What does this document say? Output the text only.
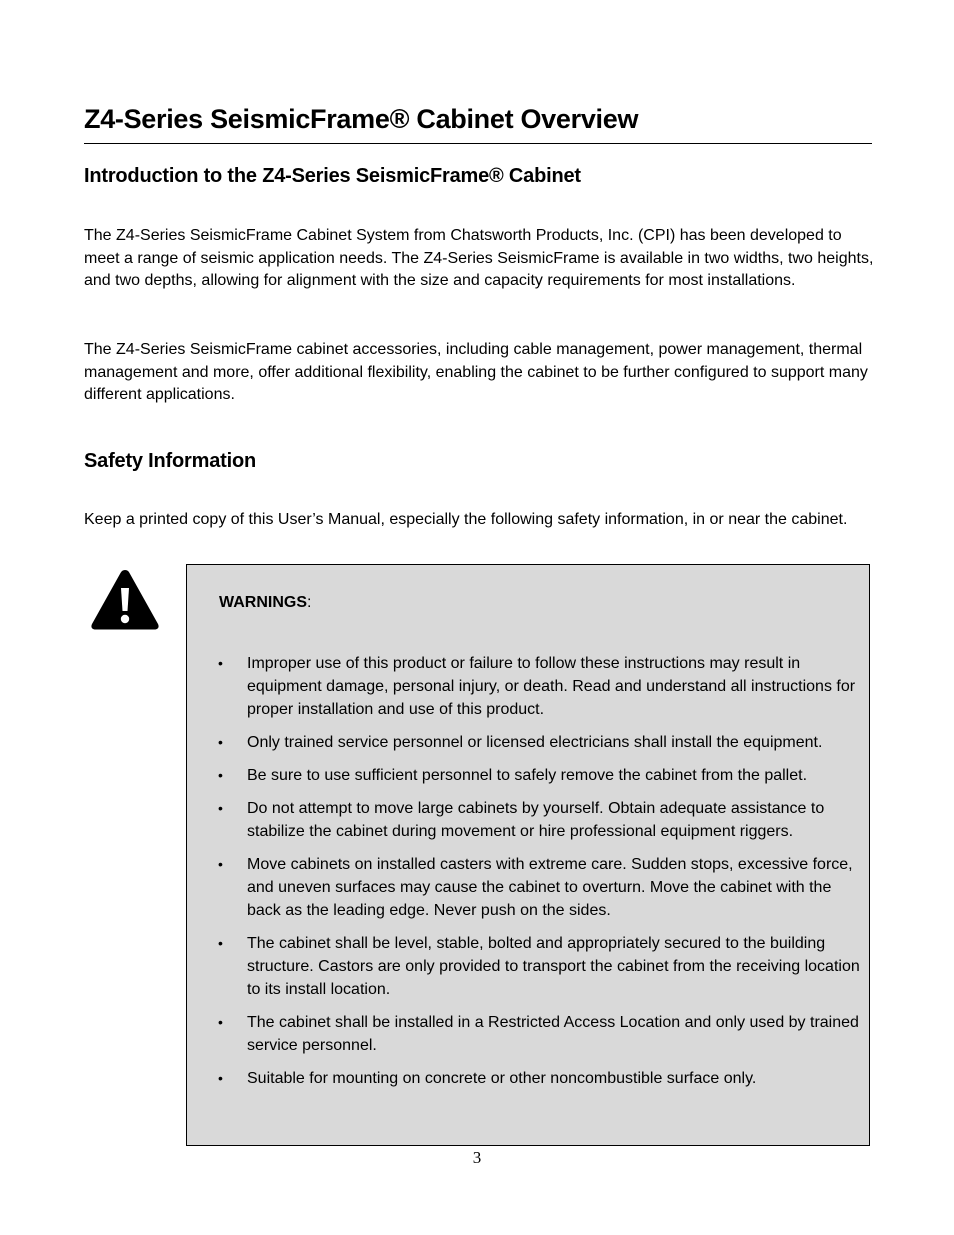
Z4-Series SeismicFrame® Cabinet Overview
Introduction to the Z4-Series SeismicFrame® Cabinet

The Z4-Series SeismicFrame Cabinet System from Chatsworth Products, Inc. (CPI) has been developed to meet a range of seismic application needs. The Z4-Series SeismicFrame is available in two widths, two heights, and two depths, allowing for alignment with the size and capacity requirements for most installations.

The Z4-Series SeismicFrame cabinet accessories, including cable management, power management, thermal management and more, offer additional flexibility, enabling the cabinet to be further configured to support many different applications.

Safety Information

Keep a printed copy of this User’s Manual, especially the following safety information, in or near the cabinet.

WARNINGS:

• Improper use of this product or failure to follow these instructions may result in equipment damage, personal injury, or death. Read and understand all instructions for proper installation and use of this product.
• Only trained service personnel or licensed electricians shall install the equipment.
• Be sure to use sufficient personnel to safely remove the cabinet from the pallet.
• Do not attempt to move large cabinets by yourself. Obtain adequate assistance to stabilize the cabinet during movement or hire professional equipment riggers.
• Move cabinets on installed casters with extreme care. Sudden stops, excessive force, and uneven surfaces may cause the cabinet to overturn. Move the cabinet with the back as the leading edge. Never push on the sides.
• The cabinet shall be level, stable, bolted and appropriately secured to the building structure. Castors are only provided to transport the cabinet from the receiving location to its install location.
• The cabinet shall be installed in a Restricted Access Location and only used by trained service personnel.
• Suitable for mounting on concrete or other noncombustible surface only.
3
